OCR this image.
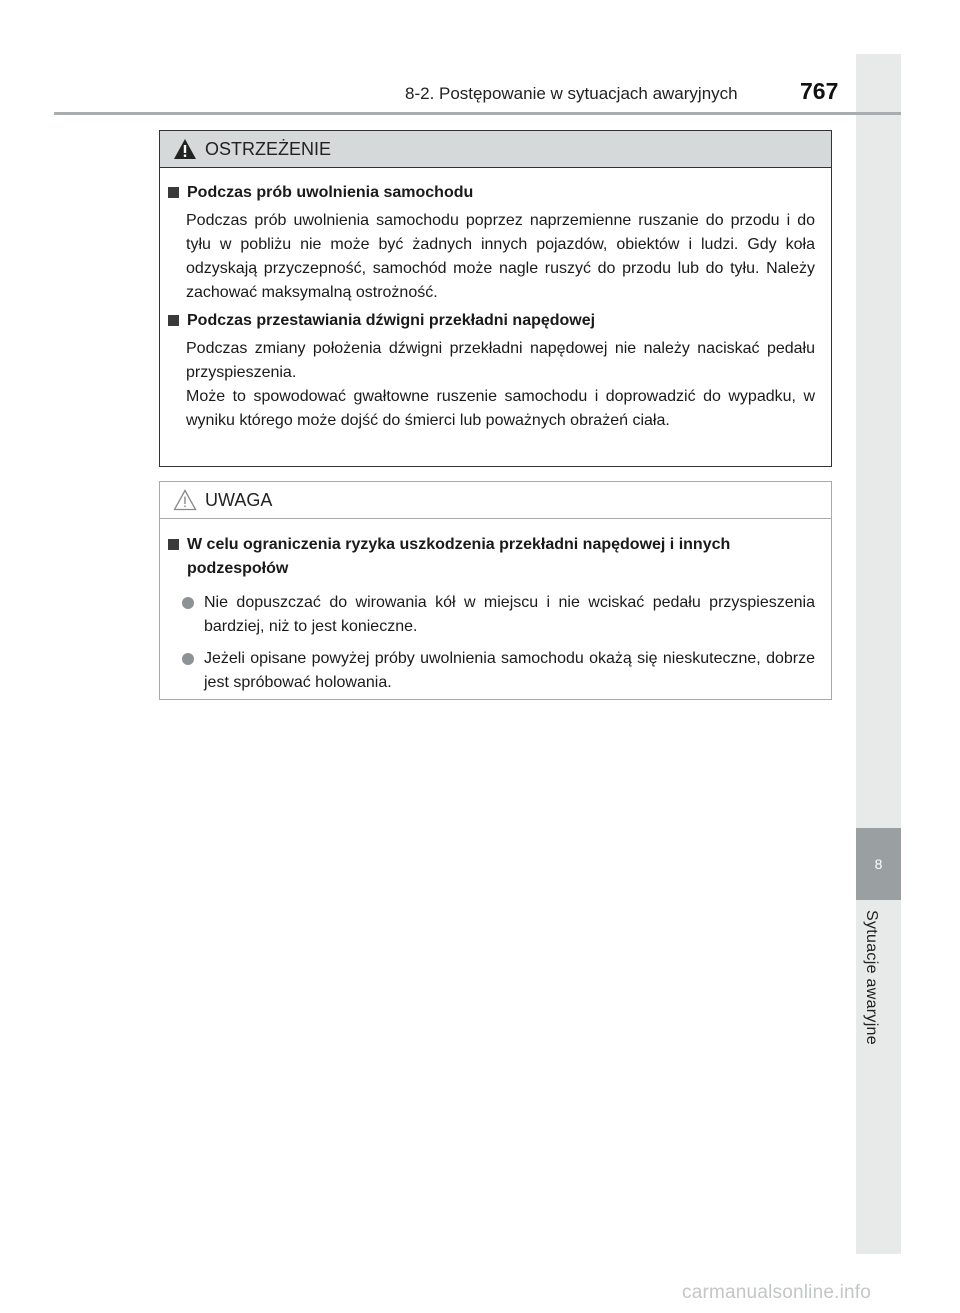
8
Sytuacje awaryjne
8-2. Postępowanie w sytuacjach awaryjnych	767
OSTRZEŻENIE
Podczas prób uwolnienia samochodu

Podczas prób uwolnienia samochodu poprzez naprzemienne ruszanie do przodu i do tyłu w pobliżu nie może być żadnych innych pojazdów, obiektów i ludzi. Gdy koła odzyskają przyczepność, samochód może nagle ruszyć do przodu lub do tyłu. Należy zachować maksymalną ostrożność.

Podczas przestawiania dźwigni przekładni napędowej

Podczas zmiany położenia dźwigni przekładni napędowej nie należy naciskać pedału przyspieszenia.

Może to spowodować gwałtowne ruszenie samochodu i doprowadzić do wypadku, w wyniku którego może dojść do śmierci lub poważnych obrażeń ciała.

UWAGA
W celu ograniczenia ryzyka uszkodzenia przekładni napędowej i innych podzespołów
Nie dopuszczać do wirowania kół w miejscu i nie wciskać pedału przyspieszenia bardziej, niż to jest konieczne.
Jeżeli opisane powyżej próby uwolnienia samochodu okażą się nieskuteczne, dobrze jest spróbować holowania.
carmanualsonline.info
